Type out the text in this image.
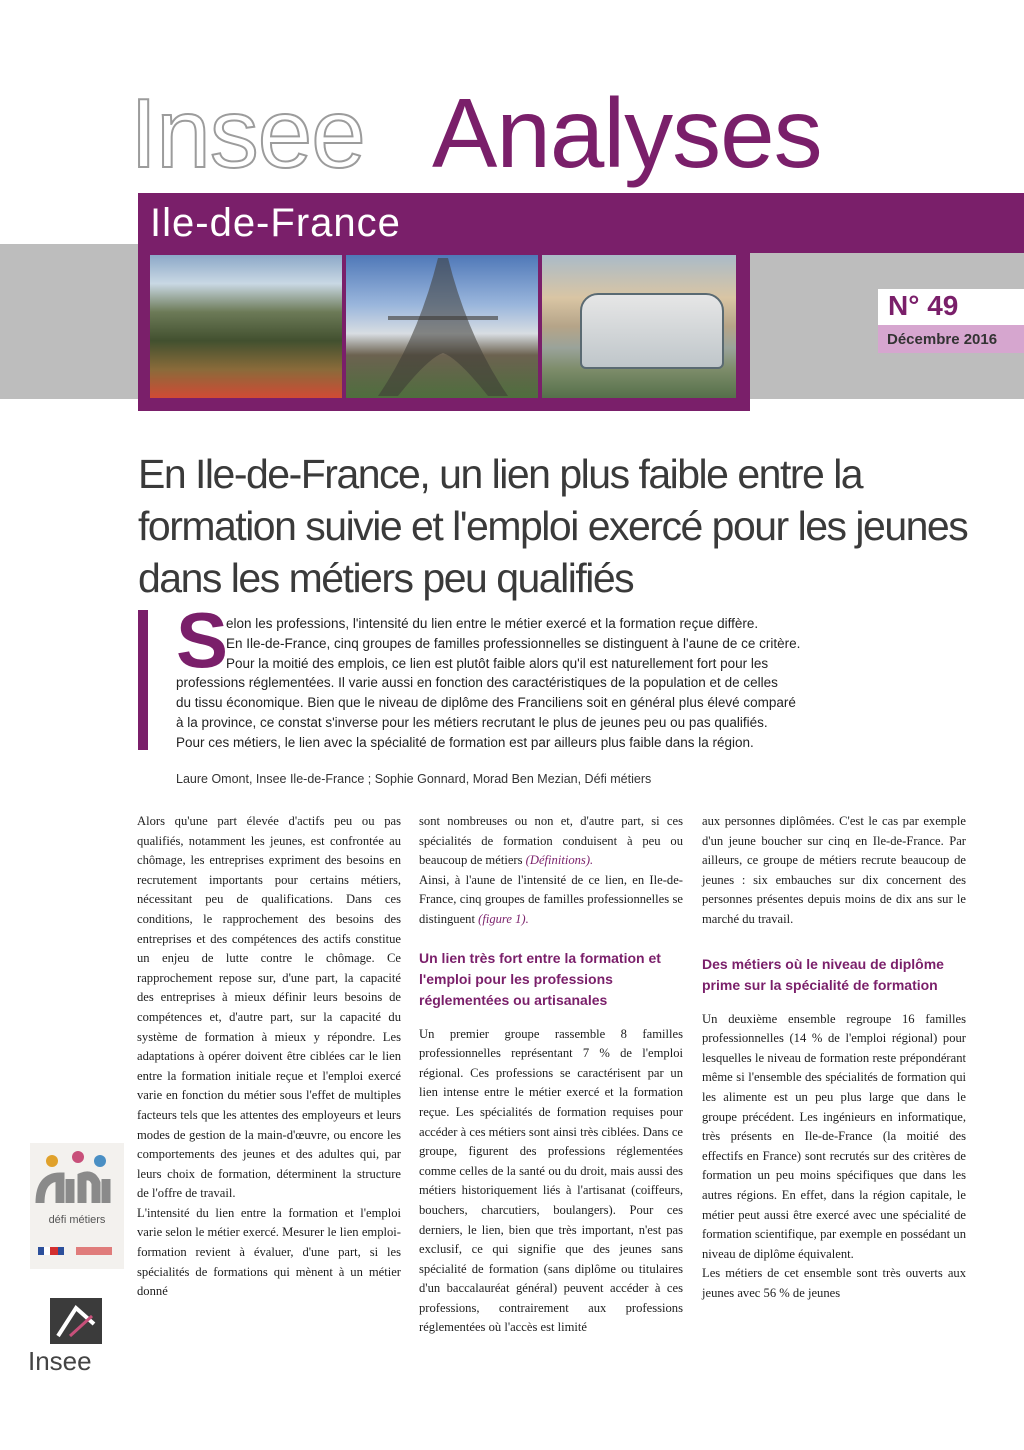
Insee Analyses
Ile-de-France
N° 49
Décembre 2016
En Ile-de-France, un lien plus faible entre la formation suivie et l'emploi exercé pour les jeunes dans les métiers peu qualifiés
S

elon les professions, l'intensité du lien entre le métier exercé et la formation reçue diffère.

En Ile-de-France, cinq groupes de familles professionnelles se distinguent à l'aune de ce critère.

Pour la moitié des emplois, ce lien est plutôt faible alors qu'il est naturellement fort pour les

professions réglementées. Il varie aussi en fonction des caractéristiques de la population et de celles

du tissu économique. Bien que le niveau de diplôme des Franciliens soit en général plus élevé comparé

à la province, ce constat s'inverse pour les métiers recrutant le plus de jeunes peu ou pas qualifiés.

Pour ces métiers, le lien avec la spécialité de formation est par ailleurs plus faible dans la région.

Laure Omont, Insee Ile-de-France ; Sophie Gonnard, Morad Ben Mezian, Défi métiers

Alors qu'une part élevée d'actifs peu ou pas qualifiés, notamment les jeunes, est confrontée au chômage, les entreprises expriment des besoins en recrutement importants pour certains métiers, nécessitant peu de qualifications. Dans ces conditions, le rapprochement des besoins des entreprises et des compétences des actifs constitue un enjeu de lutte contre le chômage. Ce rapprochement repose sur, d'une part, la capacité des entreprises à mieux définir leurs besoins de compétences et, d'autre part, sur la capacité du système de formation à mieux y répondre. Les adaptations à opérer doivent être ciblées car le lien entre la formation initiale reçue et l'emploi exercé varie en fonction du métier sous l'effet de multiples facteurs tels que les attentes des employeurs et leurs modes de gestion de la main-d'œuvre, ou encore les comportements des jeunes et des adultes qui, par leurs choix de formation, déterminent la structure de l'offre de travail.

L'intensité du lien entre la formation et l'emploi varie selon le métier exercé. Mesurer le lien emploi-formation revient à évaluer, d'une part, si les spécialités de formations qui mènent à un métier donné

sont nombreuses ou non et, d'autre part, si ces spécialités de formation conduisent à peu ou beaucoup de métiers (Définitions).

Ainsi, à l'aune de l'intensité de ce lien, en Ile-de-France, cinq groupes de familles professionnelles se distinguent (figure 1).

Un lien très fort entre la formation et l'emploi pour les professions réglementées ou artisanales

Un premier groupe rassemble 8 familles professionnelles représentant 7 % de l'emploi régional. Ces professions se caractérisent par un lien intense entre le métier exercé et la formation reçue. Les spécialités de formation requises pour accéder à ces métiers sont ainsi très ciblées. Dans ce groupe, figurent des professions réglementées comme celles de la santé ou du droit, mais aussi des métiers historiquement liés à l'artisanat (coiffeurs, bouchers, charcutiers, boulangers). Pour ces derniers, le lien, bien que très important, n'est pas exclusif, ce qui signifie que des jeunes sans spécialité de formation (sans diplôme ou titulaires d'un baccalauréat général) peuvent accéder à ces professions, contrairement aux professions réglementées où l'accès est limité

aux personnes diplômées. C'est le cas par exemple d'un jeune boucher sur cinq en Ile-de-France. Par ailleurs, ce groupe de métiers recrute beaucoup de jeunes : six embauches sur dix concernent des personnes présentes depuis moins de dix ans sur le marché du travail.

Des métiers où le niveau de diplôme prime sur la spécialité de formation

Un deuxième ensemble regroupe 16 familles professionnelles (14 % de l'emploi régional) pour lesquelles le niveau de formation reste prépondérant même si l'ensemble des spécialités de formation qui les alimente est un peu plus large que dans le groupe précédent. Les ingénieurs en informatique, très présents en Ile-de-France (la moitié des effectifs en France) sont recrutés sur des critères de formation un peu moins spécifiques que dans les autres régions. En effet, dans la région capitale, le métier peut aussi être exercé avec une spécialité de formation scientifique, par exemple en possédant un niveau de diplôme équivalent.

Les métiers de cet ensemble sont très ouverts aux jeunes avec 56 % de jeunes

défi métiers
Insee
